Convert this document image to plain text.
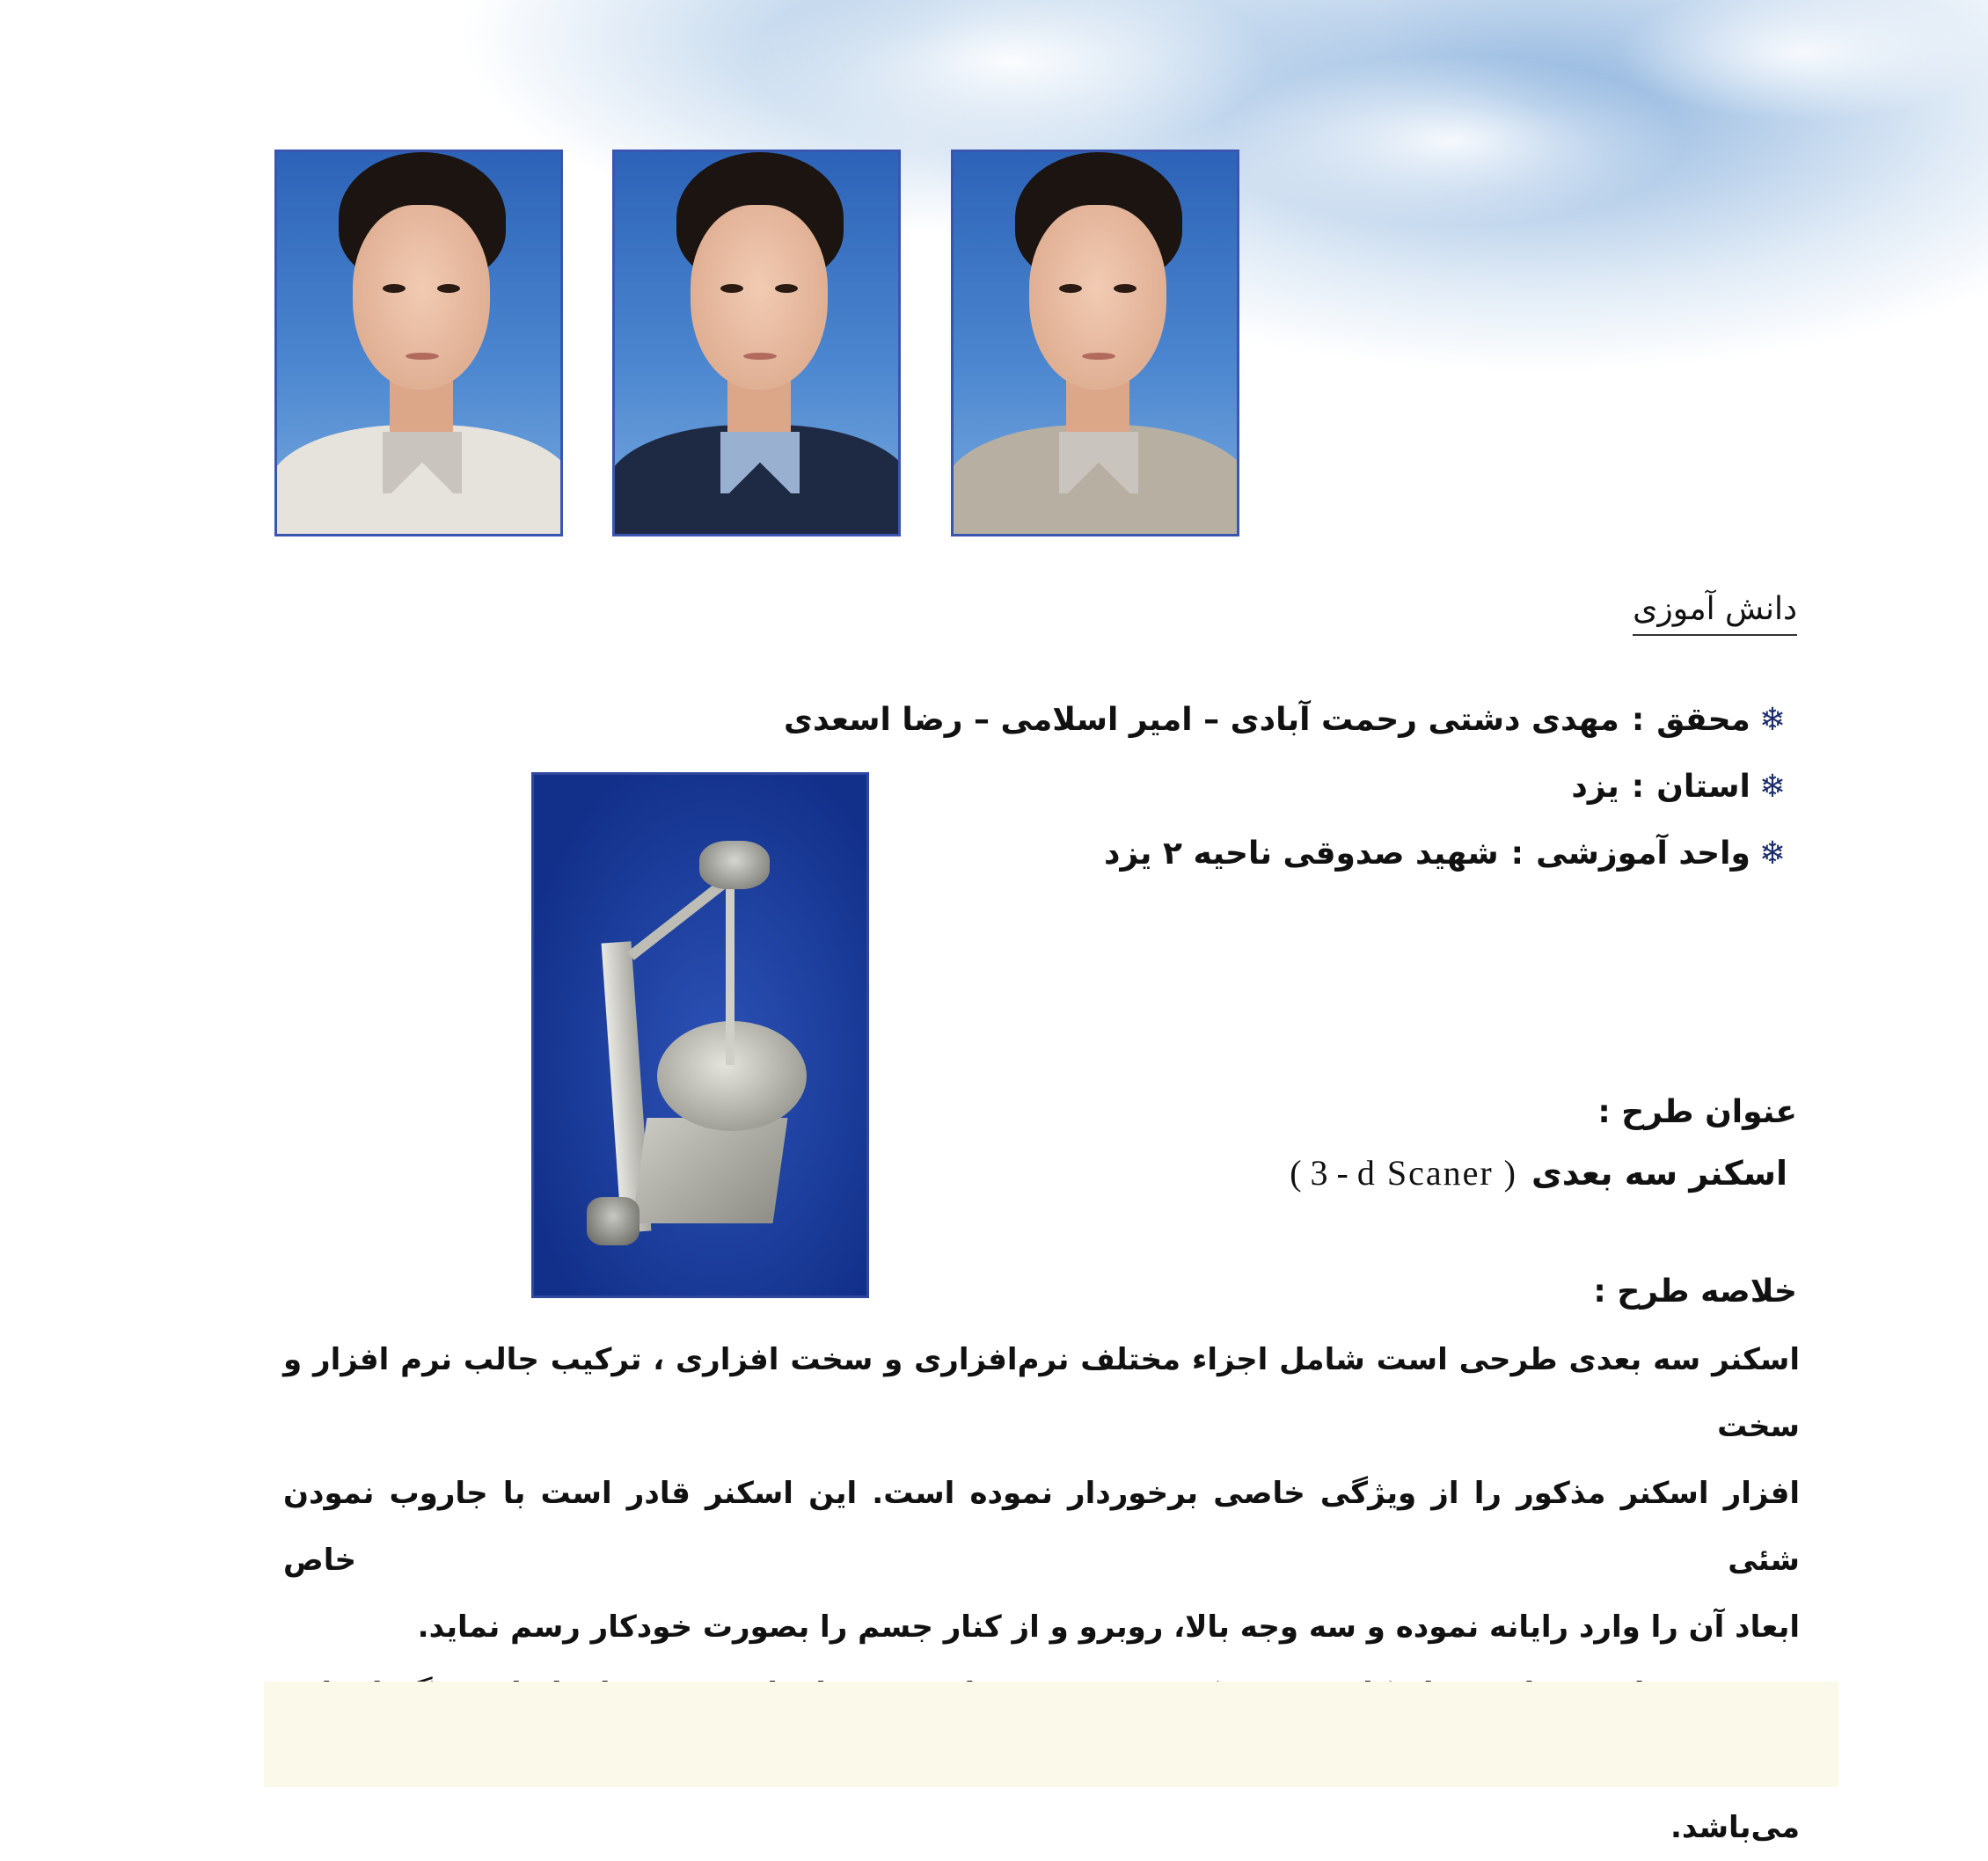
دانش آموزی
❄محقق:مهدی دشتی رحمت آبادی – امیر اسلامی – رضا اسعدی
❄استان:یزد
❄واحد آموزشی:شهید صدوقی ناحیه ۲ یزد
عنوان طرح :
اسکنر سه بعدی( 3 - d Scaner )
خلاصه طرح :

اسکنر سه بعدی طرحی است شامل اجزاء مختلف نرم‌افزاری و سخت افزاری ، ترکیب جالب نرم افزار و سخت

افزار اسکنر مذکور را از ویژگی خاصی برخوردار نموده است. این اسکنر قادر است با جاروب نمودن شئی خاص

ابعاد آن را وارد رایانه نموده و سه وجه بالا، روبرو و از کنار جسم را بصورت خودکار رسم نماید.

می‌باشد.
